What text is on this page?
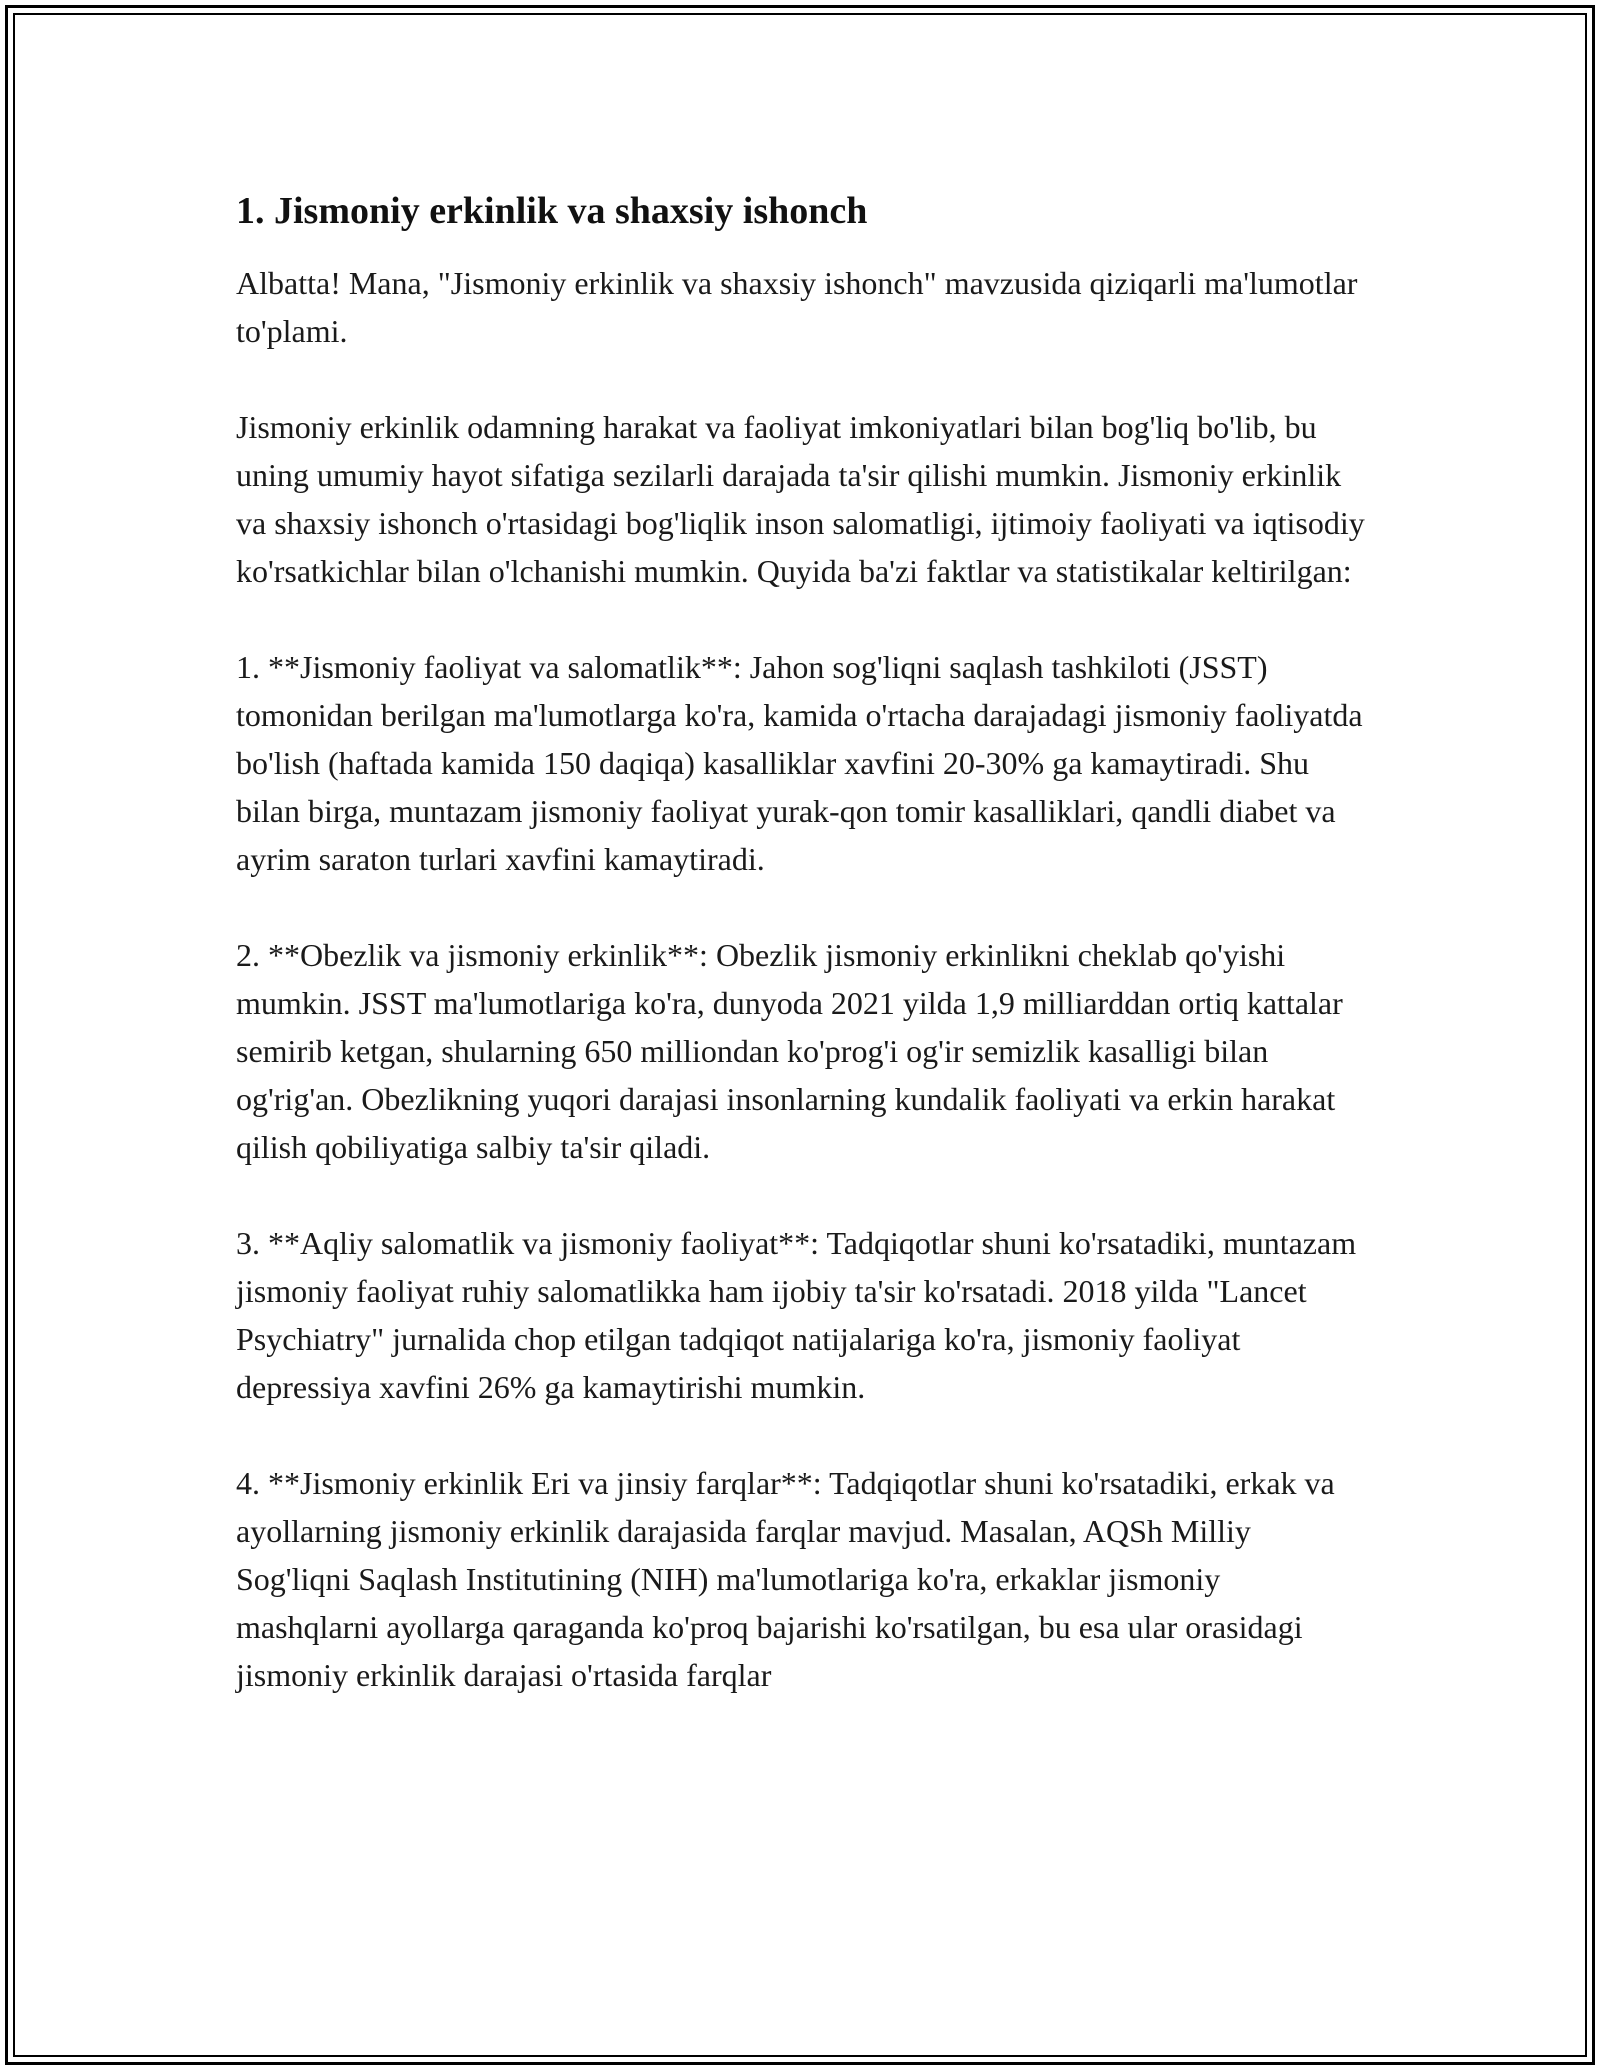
1. Jismoniy erkinlik va shaxsiy ishonch

Albatta! Mana, "Jismoniy erkinlik va shaxsiy ishonch" mavzusida qiziqarli ma'lumotlar to'plami.

Jismoniy erkinlik odamning harakat va faoliyat imkoniyatlari bilan bog'liq bo'lib, bu uning umumiy hayot sifatiga sezilarli darajada ta'sir qilishi mumkin. Jismoniy erkinlik va shaxsiy ishonch o'rtasidagi bog'liqlik inson salomatligi, ijtimoiy faoliyati va iqtisodiy ko'rsatkichlar bilan o'lchanishi mumkin. Quyida ba'zi faktlar va statistikalar keltirilgan:

1. **Jismoniy faoliyat va salomatlik**: Jahon sog'liqni saqlash tashkiloti (JSST) tomonidan berilgan ma'lumotlarga ko'ra, kamida o'rtacha darajadagi jismoniy faoliyatda bo'lish (haftada kamida 150 daqiqa) kasalliklar xavfini 20-30% ga kamaytiradi. Shu bilan birga, muntazam jismoniy faoliyat yurak-qon tomir kasalliklari, qandli diabet va ayrim saraton turlari xavfini kamaytiradi.

2. **Obezlik va jismoniy erkinlik**: Obezlik jismoniy erkinlikni cheklab qo'yishi mumkin. JSST ma'lumotlariga ko'ra, dunyoda 2021 yilda 1,9 milliarddan ortiq kattalar semirib ketgan, shularning 650 milliondan ko'prog'i og'ir semizlik kasalligi bilan og'rig'an. Obezlikning yuqori darajasi insonlarning kundalik faoliyati va erkin harakat qilish qobiliyatiga salbiy ta'sir qiladi.

3. **Aqliy salomatlik va jismoniy faoliyat**: Tadqiqotlar shuni ko'rsatadiki, muntazam jismoniy faoliyat ruhiy salomatlikka ham ijobiy ta'sir ko'rsatadi. 2018 yilda "Lancet Psychiatry" jurnalida chop etilgan tadqiqot natijalariga ko'ra, jismoniy faoliyat depressiya xavfini 26% ga kamaytirishi mumkin.

4. **Jismoniy erkinlik Eri va jinsiy farqlar**: Tadqiqotlar shuni ko'rsatadiki, erkak va ayollarning jismoniy erkinlik darajasida farqlar mavjud. Masalan, AQSh Milliy Sog'liqni Saqlash Institutining (NIH) ma'lumotlariga ko'ra, erkaklar jismoniy mashqlarni ayollarga qaraganda ko'proq bajarishi ko'rsatilgan, bu esa ular orasidagi jismoniy erkinlik darajasi o'rtasida farqlar
